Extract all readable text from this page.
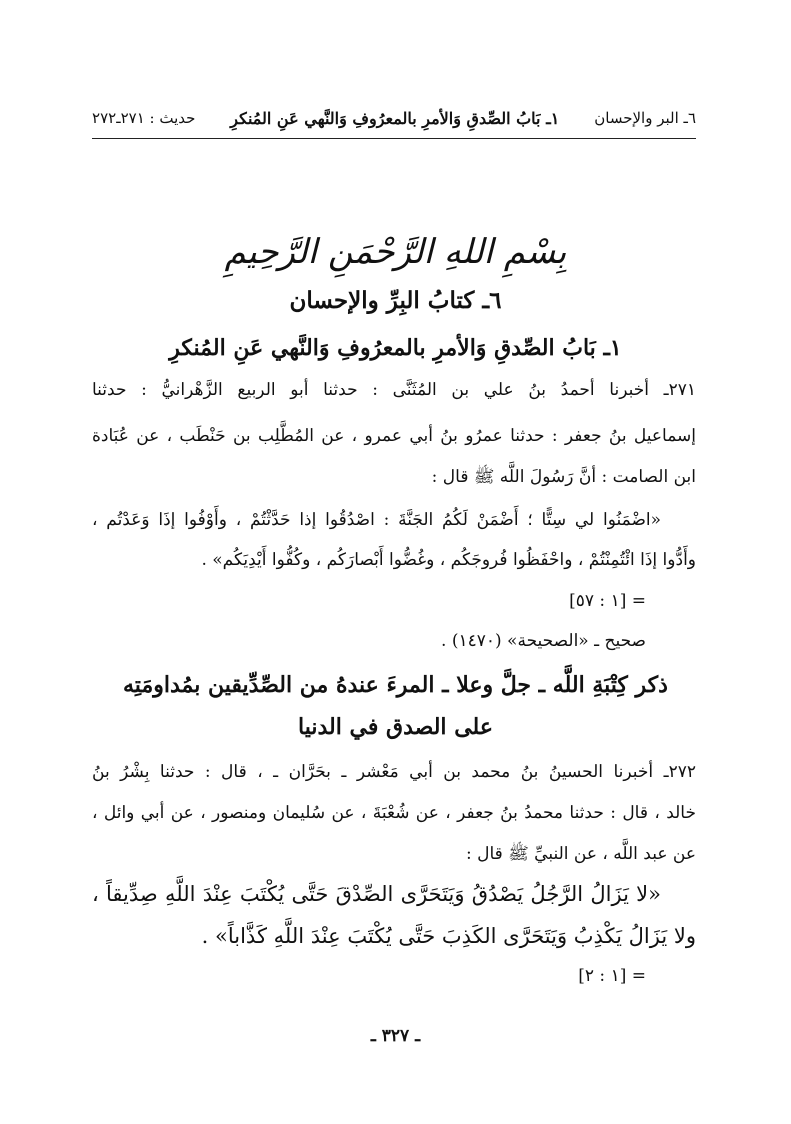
٦ـ البر والإحسان
١ـ بَابُ الصِّدقِ وَالأمرِ بالمعرُوفِ وَالنَّهي عَنِ المُنكرِ
حديث : ٢٧١ـ٢٧٢
بِسْمِ اللهِ الرَّحْمَنِ الرَّحِيمِ
٦ـ كتابُ البِرِّ والإحسان
١ـ بَابُ الصِّدقِ وَالأمرِ بالمعرُوفِ وَالنَّهي عَنِ المُنكرِ
٢٧١ـ أخبرنا أحمدُ بنُ علي بن المُثَنَّى : حدثنا أبو الربيع الزَّهْرانيُّ : حدثنا
إسماعيل بنُ جعفر : حدثنا عمرُو بنُ أبي عمرو ، عن المُطَّلِب بن حَنْطَب ، عن عُبَادة
ابن الصامت : أنَّ رَسُولَ اللَّه ﷺ قال :
«اضْمَنُوا لي سِتًّا ؛ أَضْمَنْ لَكُمُ الجَنَّةَ : اصْدُقُوا إذا حَدَّثْتُمْ ، وأَوْفُوا إذَا وَعَدْتُم ،
وأَدُّوا إذَا ائْتُمِنْتُمْ ، واحْفَظُوا فُروجَكُم ، وغُضُّوا أَبْصارَكُم ، وكُفُّوا أَيْدِيَكُم» .
= [١ : ٥٧]
صحيح ـ «الصحيحة» (١٤٧٠) .
ذكر كِتْبَةِ اللَّه ـ جلَّ وعلا ـ المرءَ عندهُ من الصِّدِّيقين بمُداومَتِه
على الصدق في الدنيا
٢٧٢ـ أخبرنا الحسينُ بنُ محمد بن أبي مَعْشر ـ بحَرَّان ـ ، قال : حدثنا بِشْرُ بنُ
خالد ، قال : حدثنا محمدُ بنُ جعفر ، عن شُعْبَةَ ، عن سُليمان ومنصور ، عن أبي وائل ،
عن عبد اللَّه ، عن النبيِّ ﷺ قال :
«لا يَزَالُ الرَّجُلُ يَصْدُقُ وَيَتَحَرَّى الصِّدْقَ حَتَّى يُكْتَبَ عِنْدَ اللَّهِ صِدِّيقاً ،
ولا يَزَالُ يَكْذِبُ وَيَتَحَرَّى الكَذِبَ حَتَّى يُكْتَبَ عِنْدَ اللَّهِ كَذَّاباً» .
= [١ : ٢]
ـ ٣٢٧ ـ
